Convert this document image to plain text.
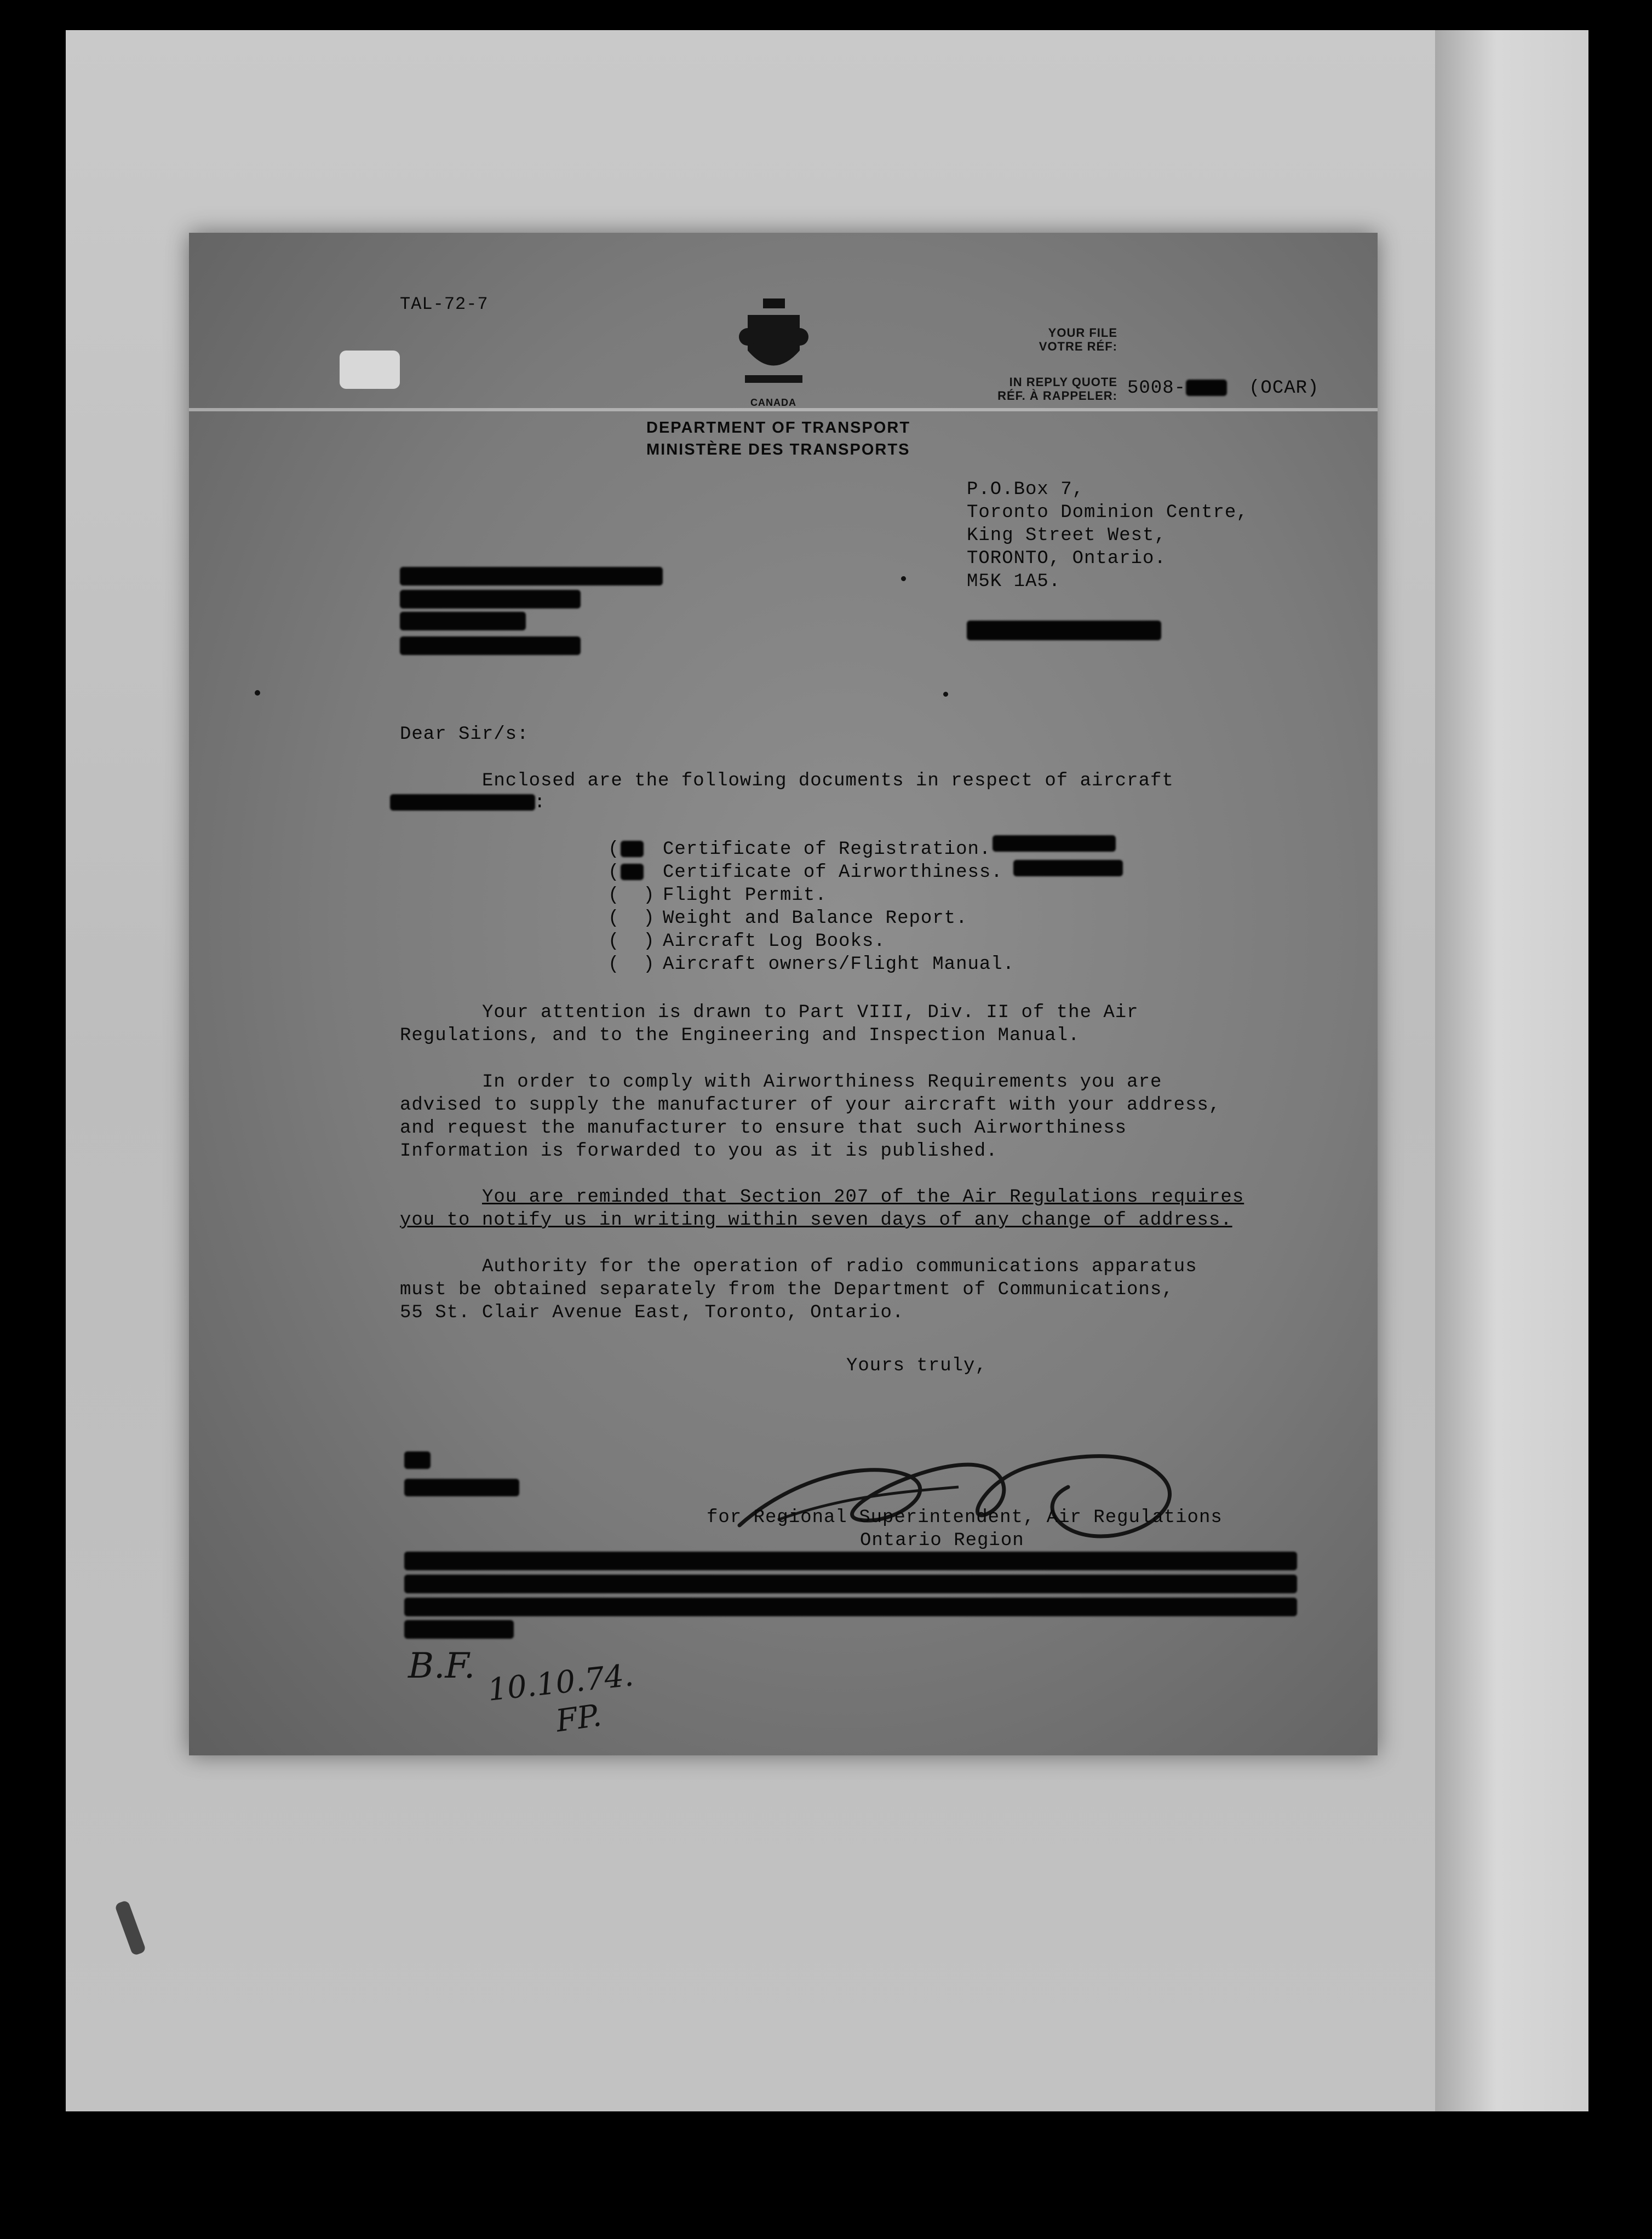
TAL-72-7
CANADA
DEPARTMENT OF TRANSPORT
MINISTÈRE DES TRANSPORTS
YOUR FILE
VOTRE RÉF:
IN REPLY QUOTE
RÉF. À RAPPELER: 5008-	(OCAR)
P.O.Box 7,
Toronto Dominion Centre,
King Street West,
TORONTO, Ontario.
M5K 1A5.
Dear Sir/s:
Enclosed are the following documents in respect of aircraft
:
( Certificate of Registration.
( Certificate of Airworthiness.
(  ) Flight Permit.
(  ) Weight and Balance Report.
(  ) Aircraft Log Books.
(  ) Aircraft owners/Flight Manual.
Your attention is drawn to Part VIII, Div. II of the Air
Regulations, and to the Engineering and Inspection Manual.
In order to comply with Airworthiness Requirements you are
advised to supply the manufacturer of your aircraft with your address,
and request the manufacturer to ensure that such Airworthiness
Information is forwarded to you as it is published.
You are reminded that Section 207 of the Air Regulations requires
you to notify us in writing within seven days of any change of address.
Authority for the operation of radio communications apparatus
must be obtained separately from the Department of Communications,
55 St. Clair Avenue East, Toronto, Ontario.
Yours truly,
for Regional Superintendent, Air Regulations
Ontario Region
B.F. 10.10.74.
FP.
